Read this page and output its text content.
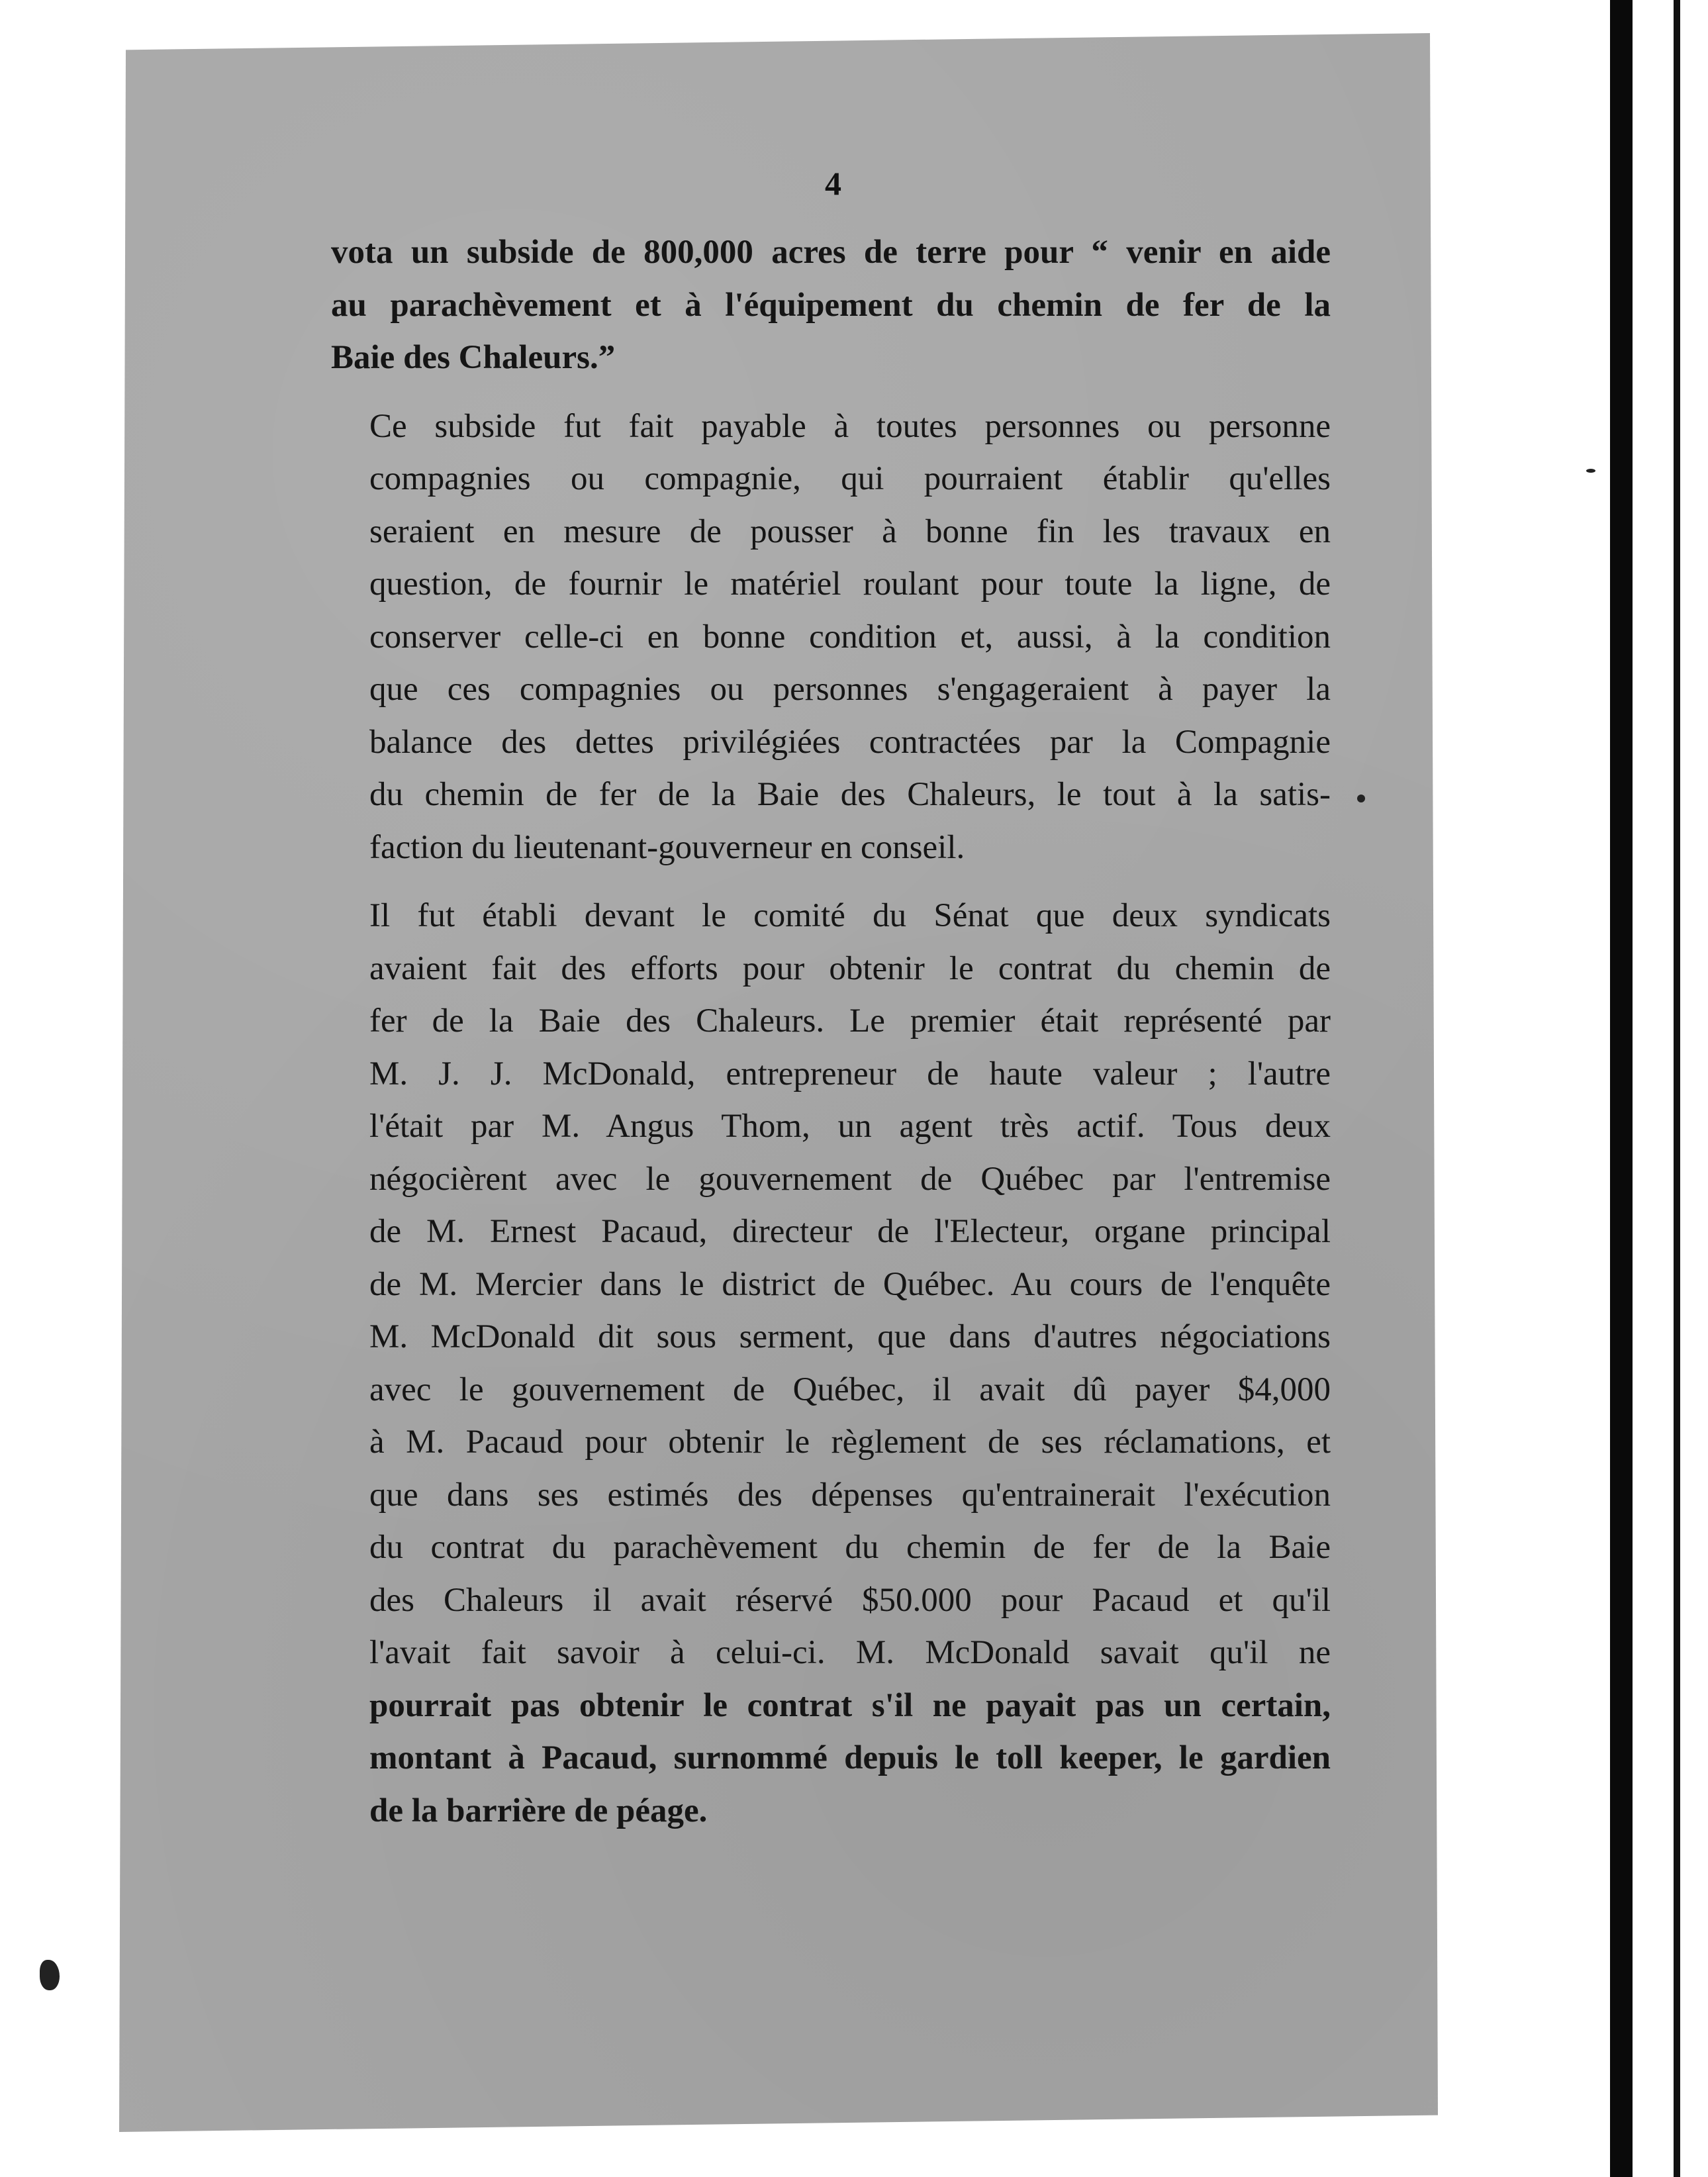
4

vota un subside de 800,000 acres de terre pour “ venir en aide
au parachèvement et à l'équipement du chemin de fer de la
Baie des Chaleurs.”

Ce subside fut fait payable à toutes personnes ou personne
compagnies ou compagnie, qui pourraient établir qu'elles
seraient en mesure de pousser à bonne fin les travaux en
question, de fournir le matériel roulant pour toute la ligne, de
conserver celle-ci en bonne condition et, aussi, à la condition
que ces compagnies ou personnes s'engageraient à payer la
balance des dettes privilégiées contractées par la Compagnie
du chemin de fer de la Baie des Chaleurs, le tout à la satis-
faction du lieutenant-gouverneur en conseil.

Il fut établi devant le comité du Sénat que deux syndicats
avaient fait des efforts pour obtenir le contrat du chemin de
fer de la Baie des Chaleurs. Le premier était représenté par
M. J. J. McDonald, entrepreneur de haute valeur ; l'autre
l'était par M. Angus Thom, un agent très actif. Tous deux
négocièrent avec le gouvernement de Québec par l'entremise
de M. Ernest Pacaud, directeur de l'Electeur, organe principal
de M. Mercier dans le district de Québec. Au cours de l'enquête
M. McDonald dit sous serment, que dans d'autres négociations
avec le gouvernement de Québec, il avait dû payer $4,000
à M. Pacaud pour obtenir le règlement de ses réclamations, et
que dans ses estimés des dépenses qu'entrainerait l'exécution
du contrat du parachèvement du chemin de fer de la Baie
des Chaleurs il avait réservé $50.000 pour Pacaud et qu'il
l'avait fait savoir à celui-ci. M. McDonald savait qu'il ne
pourrait pas obtenir le contrat s'il ne payait pas un certain,
montant à Pacaud, surnommé depuis le toll keeper, le gardien
de la barrière de péage.
